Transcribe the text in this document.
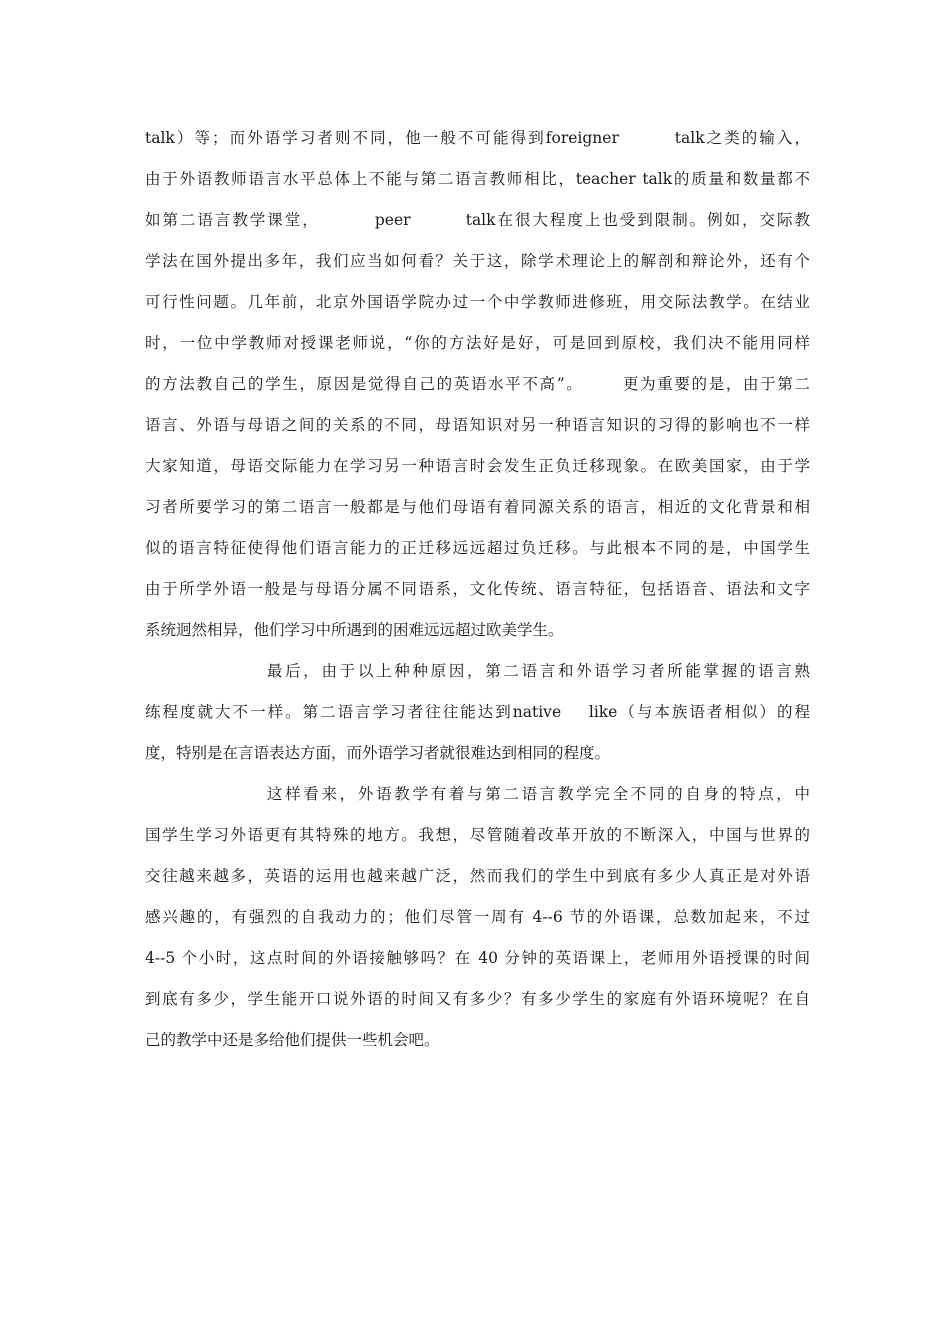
talk）等；而外语学习者则不同，他一般不可能得到foreigner        talk之类的输入，
由于外语教师语言水平总体上不能与第二语言教师相比，teacher talk的质量和数量都不
如第二语言教学课堂，        peer        talk在很大程度上也受到限制。例如，交际教
学法在国外提出多年，我们应当如何看？关于这，除学术理论上的解剖和辩论外，还有个
可行性问题。几年前，北京外国语学院办过一个中学教师进修班，用交际法教学。在结业
时，一位中学教师对授课老师说，“你的方法好是好，可是回到原校，我们决不能用同样
的方法教自己的学生，原因是觉得自己的英语水平不高”。      更为重要的是，由于第二
语言、外语与母语之间的关系的不同，母语知识对另一种语言知识的习得的影响也不一样
大家知道，母语交际能力在学习另一种语言时会发生正负迁移现象。在欧美国家，由于学
习者所要学习的第二语言一般都是与他们母语有着同源关系的语言，相近的文化背景和相
似的语言特征使得他们语言能力的正迁移远远超过负迁移。与此根本不同的是，中国学生
由于所学外语一般是与母语分属不同语系，文化传统、语言特征，包括语音、语法和文字
系统迥然相异，他们学习中所遇到的困难远远超过欧美学生。
最后，由于以上种种原因，第二语言和外语学习者所能掌握的语言熟
练程度就大不一样。第二语言学习者往往能达到native    like（与本族语者相似）的程
度，特别是在言语表达方面，而外语学习者就很难达到相同的程度。
这样看来，外语教学有着与第二语言教学完全不同的自身的特点，中
国学生学习外语更有其特殊的地方。我想，尽管随着改革开放的不断深入，中国与世界的
交往越来越多，英语的运用也越来越广泛，然而我们的学生中到底有多少人真正是对外语
感兴趣的，有强烈的自我动力的；他们尽管一周有 4--6 节的外语课，总数加起来，不过
4--5 个小时，这点时间的外语接触够吗？在 40 分钟的英语课上，老师用外语授课的时间
到底有多少，学生能开口说外语的时间又有多少？有多少学生的家庭有外语环境呢？在自
己的教学中还是多给他们提供一些机会吧。
